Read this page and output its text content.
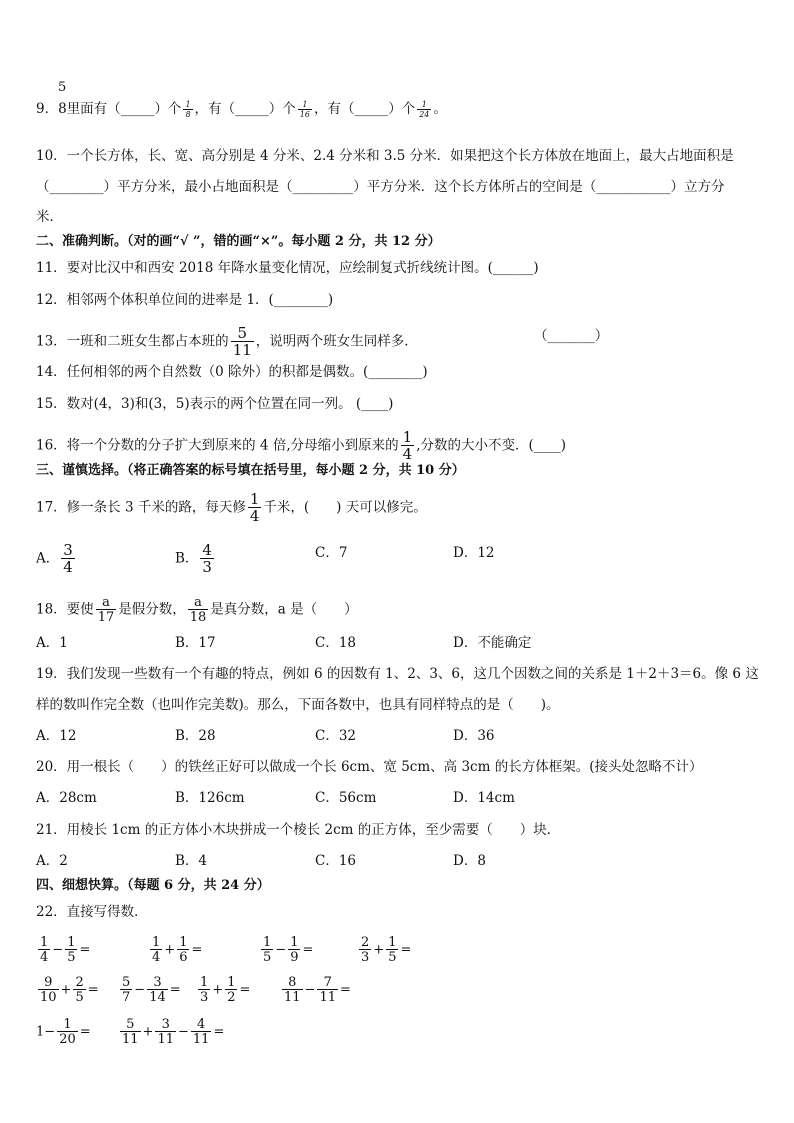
5
9．8里面有（_____）个 $\frac{1}{8}$ ，有（_____）个 $\frac{1}{16}$ ，有（_____）个 $\frac{1}{24}$ 。
10．一个长方体，长、宽、高分别是 4 分米、2.4 分米和 3.5 分米．如果把这个长方体放在地面上，最大占地面积是
（________）平方分米，最小占地面积是（_________）平方分米．这个长方体所占的空间是（___________）立方分
米．
二、准确判断。（对的画“√ ”，错的画“×”。每小题 2 分，共 12 分）
11．要对比汉中和西安 2018 年降水量变化情况，应绘制复式折线统计图。(______)
12．相邻两个体积单位间的进率是 1．(________)
13．一班和二班女生都占本班的 $\frac{5}{11}$ ，说明两个班女生同样多．	（_______）
14．任何相邻的两个自然数（0 除外）的积都是偶数。(________)
15．数对(4，3)和(3，5)表示的两个位置在同一列。 (____)
16．将一个分数的分子扩大到原来的 4 倍,分母缩小到原来的 $\frac{1}{4}$ ,分数的大小不变．(____)
三、谨慎选择。（将正确答案的标号填在括号里，每小题 2 分，共 10 分）
17．修一条长 3 千米的路，每天修 $\frac{1}{4}$ 千米，(　　) 天可以修完。
A． $\frac{3}{4}$	B． $\frac{4}{3}$	C．7	D．12
18．要使 $\frac{a}{17}$ 是假分数， $\frac{a}{18}$ 是真分数，a 是（　　）
A．1	B．17	C．18	D．不能确定
19．我们发现一些数有一个有趣的特点，例如 6 的因数有 1、2、3、6，这几个因数之间的关系是 1＋2＋3＝6。像 6 这
样的数叫作完全数（也叫作完美数)。那么，下面各数中，也具有同样特点的是（　　)。
A．12	B．28	C．32	D．36
20．用一根长（　　）的铁丝正好可以做成一个长 6cm、宽 5cm、高 3cm 的长方体框架。(接头处忽略不计）
A．28cm	B．126cm	C．56cm	D．14cm
21．用棱长 1cm 的正方体小木块拼成一个棱长 2cm 的正方体，至少需要（　　）块．
A．2	B．4	C．16	D．8
四、细想快算。（每题 6 分，共 24 分）
22．直接写得数．
$\frac{1}{4} - \frac{1}{5}$ =	$\frac{1}{4} + \frac{1}{6}$ =	$\frac{1}{5} - \frac{1}{9}$ =	$\frac{2}{3} + \frac{1}{5}$ =
$\frac{9}{10} + \frac{2}{5} = \frac{5}{7} - \frac{3}{14} = \frac{1}{3} + \frac{1}{2} = \frac{8}{11} - \frac{7}{11}$ =
$1- \frac{1}{20} = \frac{5}{11} + \frac{3}{11} - \frac{4}{11}$ =
